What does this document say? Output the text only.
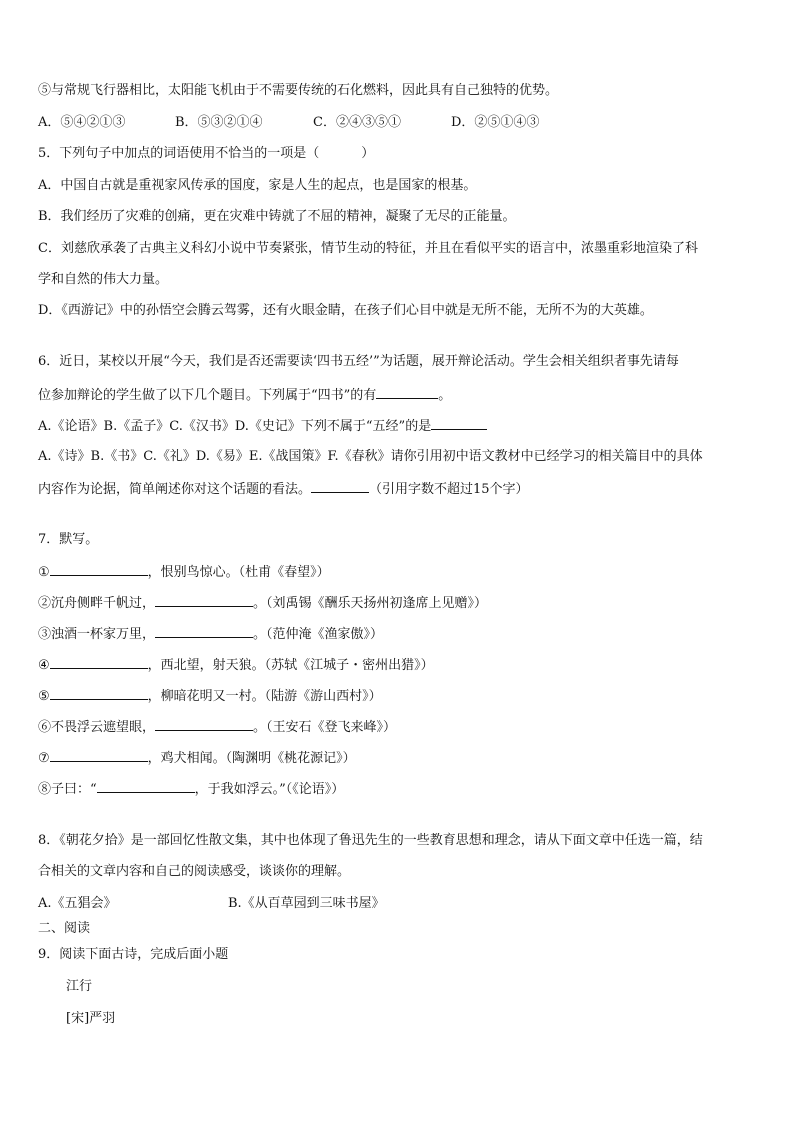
⑤与常规飞行器相比，太阳能飞机由于不需要传统的石化燃料，因此具有自己独特的优势。
A．⑤④②①③	B．⑤③②①④	C．②④③⑤①	D．②⑤①④③
5．下列句子中加点的词语使用不恰当的一项是（	）
A．中国自古就是重视家风传承的国度，家是人生的起点，也是国家的根基。
B．我们经历了灾难的创痛，更在灾难中铸就了不屈的精神，凝聚了无尽的正能量。
C．刘慈欣承袭了古典主义科幻小说中节奏紧张，情节生动的特征，并且在看似平实的语言中，浓墨重彩地渲染了科
学和自然的伟大力量。
D．《西游记》中的孙悟空会腾云驾雾，还有火眼金睛，在孩子们心目中就是无所不能，无所不为的大英雄。
6．近日，某校以开展“今天，我们是否还需要读‘四书五经’”为话题，展开辩论活动。学生会相关组织者事先请每
位参加辩论的学生做了以下几个题目。下列属于“四书”的有	。
A.《论语》B.《孟子》C.《汉书》D.《史记》下列不属于“五经”的是
A.《诗》B.《书》C.《礼》D.《易》E.《战国策》F.《春秋》请你引用初中语文教材中已经学习的相关篇目中的具体
内容作为论据，简单阐述你对这个话题的看法。	（引用字数不超过15个字）
7．默写。
①	，恨别鸟惊心。（杜甫《春望》）
②沉舟侧畔千帆过，	。（刘禹锡《酬乐天扬州初逢席上见赠》）
③浊酒一杯家万里，	。（范仲淹《渔家傲》）
④	，西北望，射天狼。（苏轼《江城子・密州出猎》）
⑤	，柳暗花明又一村。（陆游《游山西村》）
⑥不畏浮云遮望眼，	。（王安石《登飞来峰》）
⑦	，鸡犬相闻。（陶渊明《桃花源记》）
⑧子曰：“	，于我如浮云。”（《论语》）
8．《朝花夕拾》是一部回忆性散文集，其中也体现了鲁迅先生的一些教育思想和理念，请从下面文章中任选一篇，结
合相关的文章内容和自己的阅读感受，谈谈你的理解。
A.《五猖会》	B.《从百草园到三味书屋》
二、阅读
9．阅读下面古诗，完成后面小题
江行
[宋]严羽
